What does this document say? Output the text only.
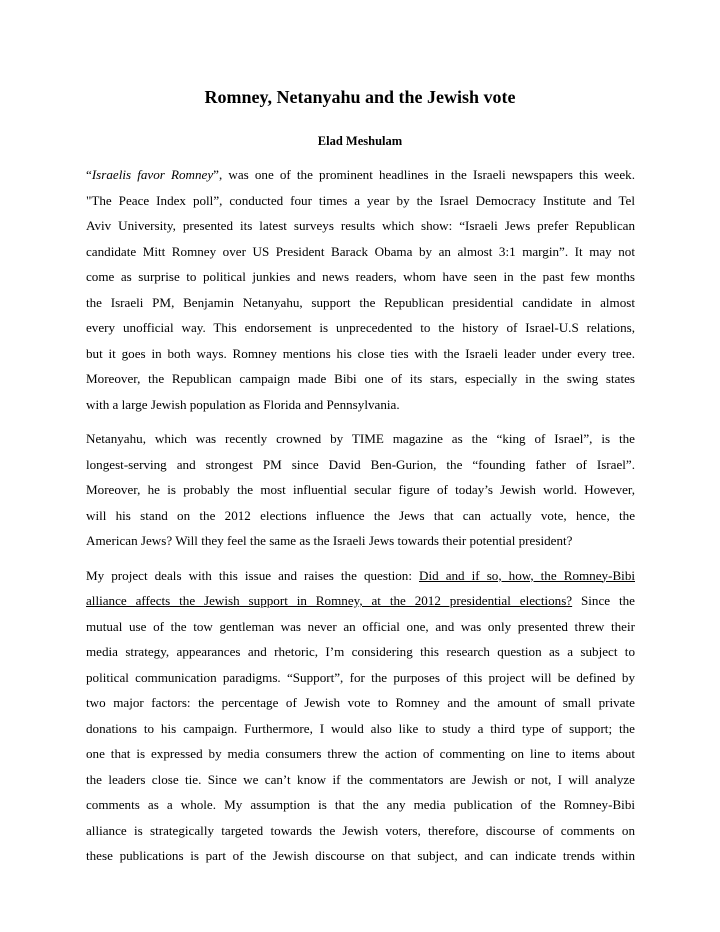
Romney, Netanyahu and the Jewish vote

Elad Meshulam

“Israelis favor Romney”, was one of the prominent headlines in the Israeli newspapers this week.
"The Peace Index poll”, conducted four times a year by the Israel Democracy Institute and Tel
Aviv University, presented its latest surveys results which show: “Israeli Jews prefer Republican
candidate Mitt Romney over US President Barack Obama by an almost 3:1 margin”. It may not
come as surprise to political junkies and news readers, whom have seen in the past few months
the Israeli PM, Benjamin Netanyahu, support the Republican presidential candidate in almost
every unofficial way. This endorsement is unprecedented to the history of Israel-U.S relations,
but it goes in both ways. Romney mentions his close ties with the Israeli leader under every tree.
Moreover, the Republican campaign made Bibi one of its stars, especially in the swing states
with a large Jewish population as Florida and Pennsylvania.
Netanyahu, which was recently crowned by TIME magazine as the “king of Israel”, is the
longest-serving and strongest PM since David Ben-Gurion, the “founding father of Israel”.
Moreover, he is probably the most influential secular figure of today’s Jewish world. However,
will his stand on the 2012 elections influence the Jews that can actually vote, hence, the
American Jews? Will they feel the same as the Israeli Jews towards their potential president?
My project deals with this issue and raises the question: Did and if so, how, the Romney-Bibi
alliance affects the Jewish support in Romney, at the 2012 presidential elections? Since the
mutual use of the tow gentleman was never an official one, and was only presented threw their
media strategy, appearances and rhetoric, I’m considering this research question as a subject to
political communication paradigms. “Support”, for the purposes of this project will be defined by
two major factors: the percentage of Jewish vote to Romney and the amount of small private
donations to his campaign. Furthermore, I would also like to study a third type of support; the
one that is expressed by media consumers threw the action of commenting on line to items about
the leaders close tie. Since we can’t know if the commentators are Jewish or not, I will analyze
comments as a whole. My assumption is that the any media publication of the Romney-Bibi
alliance is strategically targeted towards the Jewish voters, therefore, discourse of comments on
these publications is part of the Jewish discourse on that subject, and can indicate trends within
